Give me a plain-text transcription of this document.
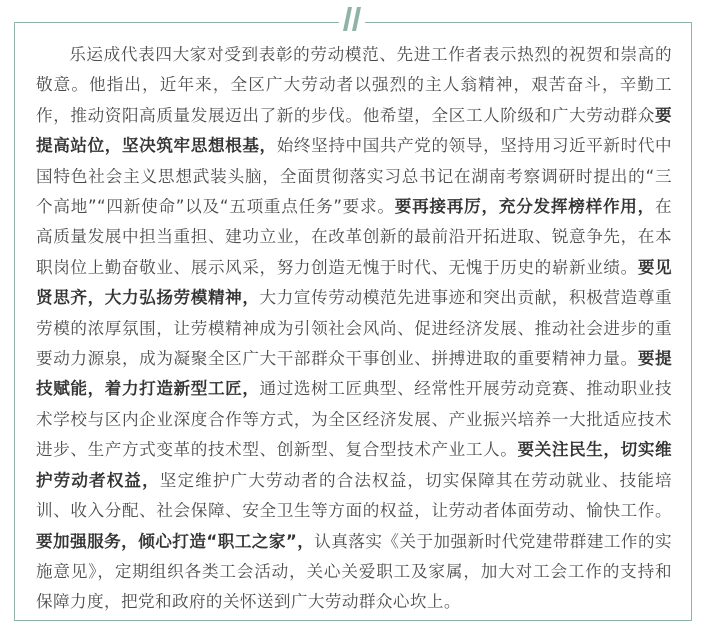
乐运成代表四大家对受到表彰的劳动模范、先进工作者表示热烈的祝贺和崇高的敬意。他指出，近年来，全区广大劳动者以强烈的主人翁精神，艰苦奋斗，辛勤工作，推动资阳高质量发展迈出了新的步伐。他希望，全区工人阶级和广大劳动群众要提高站位，坚决筑牢思想根基，始终坚持中国共产党的领导，坚持用习近平新时代中国特色社会主义思想武装头脑，全面贯彻落实习总书记在湖南考察调研时提出的“三个高地”“四新使命”以及“五项重点任务”要求。要再接再厉，充分发挥榜样作用，在高质量发展中担当重担、建功立业，在改革创新的最前沿开拓进取、锐意争先，在本职岗位上勤奋敬业、展示风采，努力创造无愧于时代、无愧于历史的崭新业绩。要见贤思齐，大力弘扬劳模精神，大力宣传劳动模范先进事迹和突出贡献，积极营造尊重劳模的浓厚氛围，让劳模精神成为引领社会风尚、促进经济发展、推动社会进步的重要动力源泉，成为凝聚全区广大干部群众干事创业、拼搏进取的重要精神力量。要提技赋能，着力打造新型工匠，通过选树工匠典型、经常性开展劳动竞赛、推动职业技术学校与区内企业深度合作等方式，为全区经济发展、产业振兴培养一大批适应技术进步、生产方式变革的技术型、创新型、复合型技术产业工人。要关注民生，切实维护劳动者权益，坚定维护广大劳动者的合法权益，切实保障其在劳动就业、技能培训、收入分配、社会保障、安全卫生等方面的权益，让劳动者体面劳动、愉快工作。要加强服务，倾心打造“职工之家”，认真落实《关于加强新时代党建带群建工作的实施意见》，定期组织各类工会活动，关心关爱职工及家属，加大对工会工作的支持和保障力度，把党和政府的关怀送到广大劳动群众心坎上。
